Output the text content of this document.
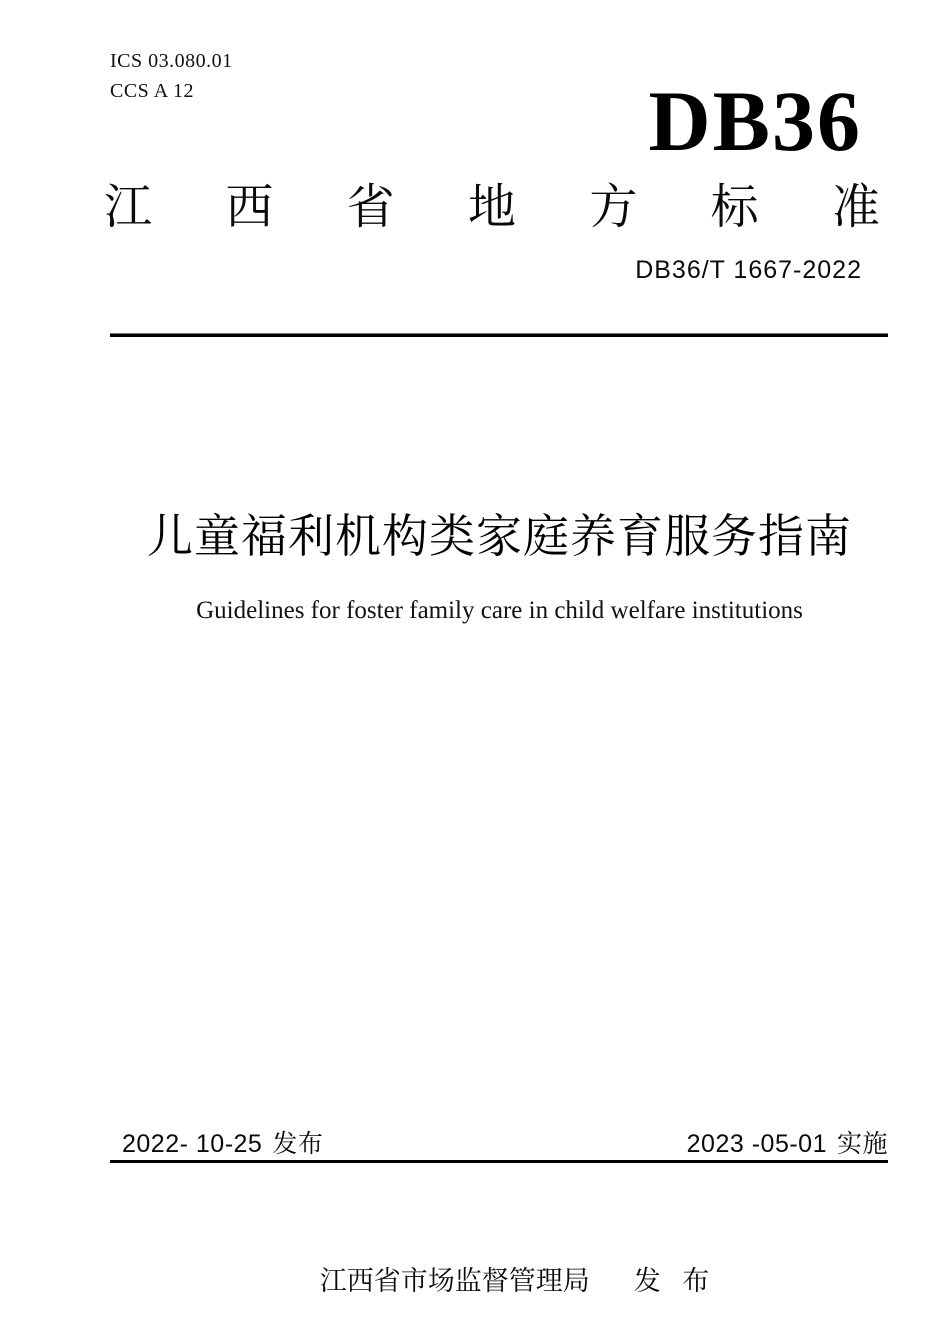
ICS 03.080.01
CCS A 12	DB36
江 西 省 地 方 标 准
DB36/T 1667-2022
儿童福利机构类家庭养育服务指南
Guidelines for foster family care in child welfare institutions
2022- 10-25 发布	2023 -05-01 实施

江西省市场监督管理局 发 布
